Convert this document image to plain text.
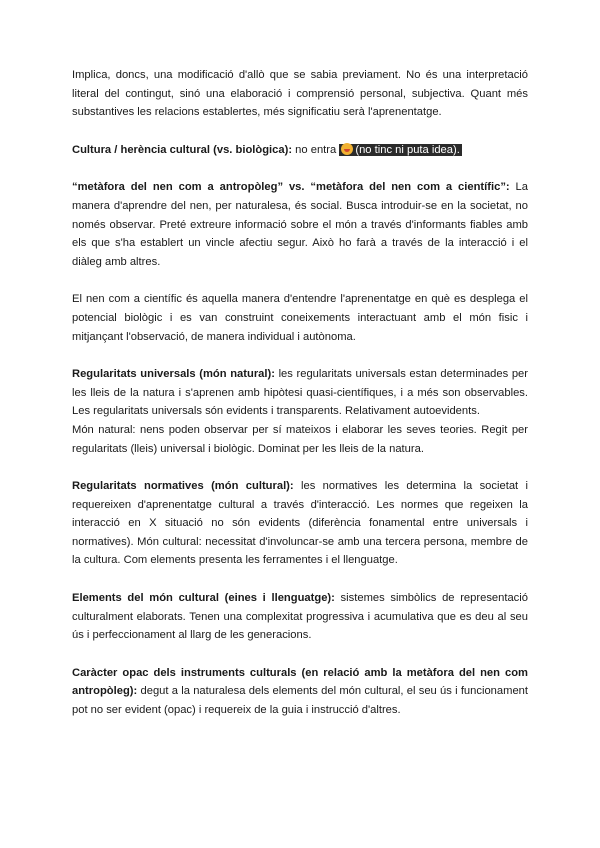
Implica, doncs, una modificació d'allò que se sabia previament. No és una interpretació literal del contingut, sinó una elaboració i comprensió personal, subjectiva. Quant més substantives les relacions establertes, més significatiu serà l'aprenentatge.

Cultura / herència cultural (vs. biològica): no entra (no tinc ni puta idea).

“metàfora del nen com a antropòleg” vs. “metàfora del nen com a científic”: La manera d'aprendre del nen, per naturalesa, és social. Busca introduir-se en la societat, no només observar. Preté extreure informació sobre el món a través d'informants fiables amb els que s'ha establert un vincle afectiu segur. Això ho farà a través de la interacció i el diàleg amb altres.

El nen com a científic és aquella manera d'entendre l'aprenentatge en què es desplega el potencial biològic i es van construint coneixements interactuant amb el món fisic i mitjançant l'observació, de manera individual i autònoma.

Regularitats universals (món natural): les regularitats universals estan determinades per les lleis de la natura i s'aprenen amb hipòtesi quasi-científiques, i a més son observables. Les regularitats universals són evidents i transparents. Relativament autoevidents.

Món natural: nens poden observar per sí mateixos i elaborar les seves teories. Regit per regularitats (lleis) universal i biològic. Dominat per les lleis de la natura.

Regularitats normatives (món cultural): les normatives les determina la societat i requereixen d'aprenentatge cultural a través d'interacció. Les normes que regeixen la interacció en X situació no són evidents (diferència fonamental entre universals i normatives). Món cultural: necessitat d'involuncar-se amb una tercera persona, membre de la cultura. Com elements presenta les ferramentes i el llenguatge.

Elements del món cultural (eines i llenguatge): sistemes simbòlics de representació culturalment elaborats. Tenen una complexitat progressiva i acumulativa que es deu al seu ús i perfeccionament al llarg de les generacions.

Caràcter opac dels instruments culturals (en relació amb la metàfora del nen com antropòleg): degut a la naturalesa dels elements del món cultural, el seu ús i funcionament pot no ser evident (opac) i requereix de la guia i instrucció d'altres.
